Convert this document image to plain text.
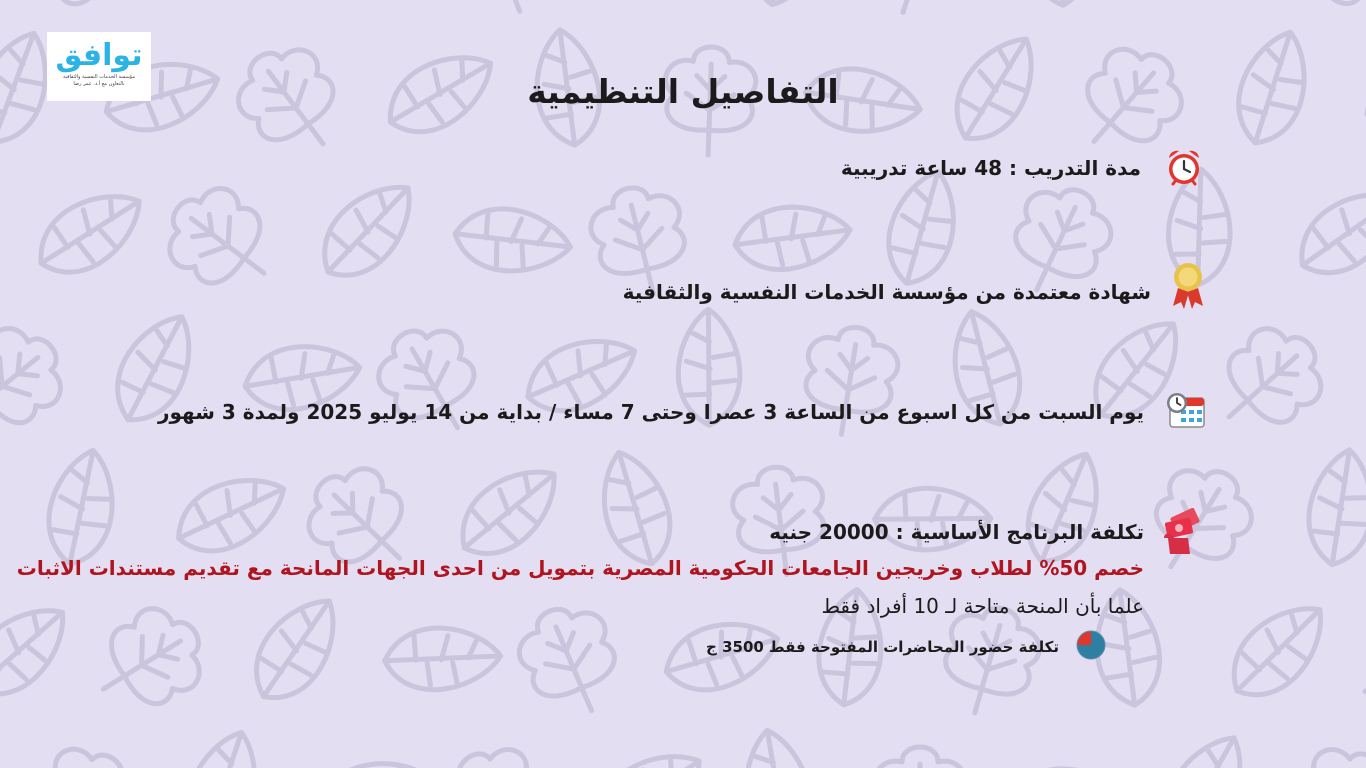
توافق
مؤسسة الخدمات النفسية والثقافية
بالتعاون مع أ.د. عمر رضا	التفاصيل التنظيمية
مدة التدريب : 48 ساعة تدريبية
شهادة معتمدة من مؤسسة الخدمات النفسية والثقافية
يوم السبت من كل اسبوع من الساعة 3 عصرا وحتى 7 مساء / بداية من 14 يوليو 2025 ولمدة 3 شهور
تكلفة البرنامج الأساسية : 20000 جنيه
خصم 50% لطلاب وخريجين الجامعات الحكومية المصرية بتمويل من احدى الجهات المانحة مع تقديم مستندات الاثبات
علما بأن المنحة متاحة لـ 10 أفراد فقط
تكلفة حضور المحاضرات المفتوحة فقط 3500 ج
